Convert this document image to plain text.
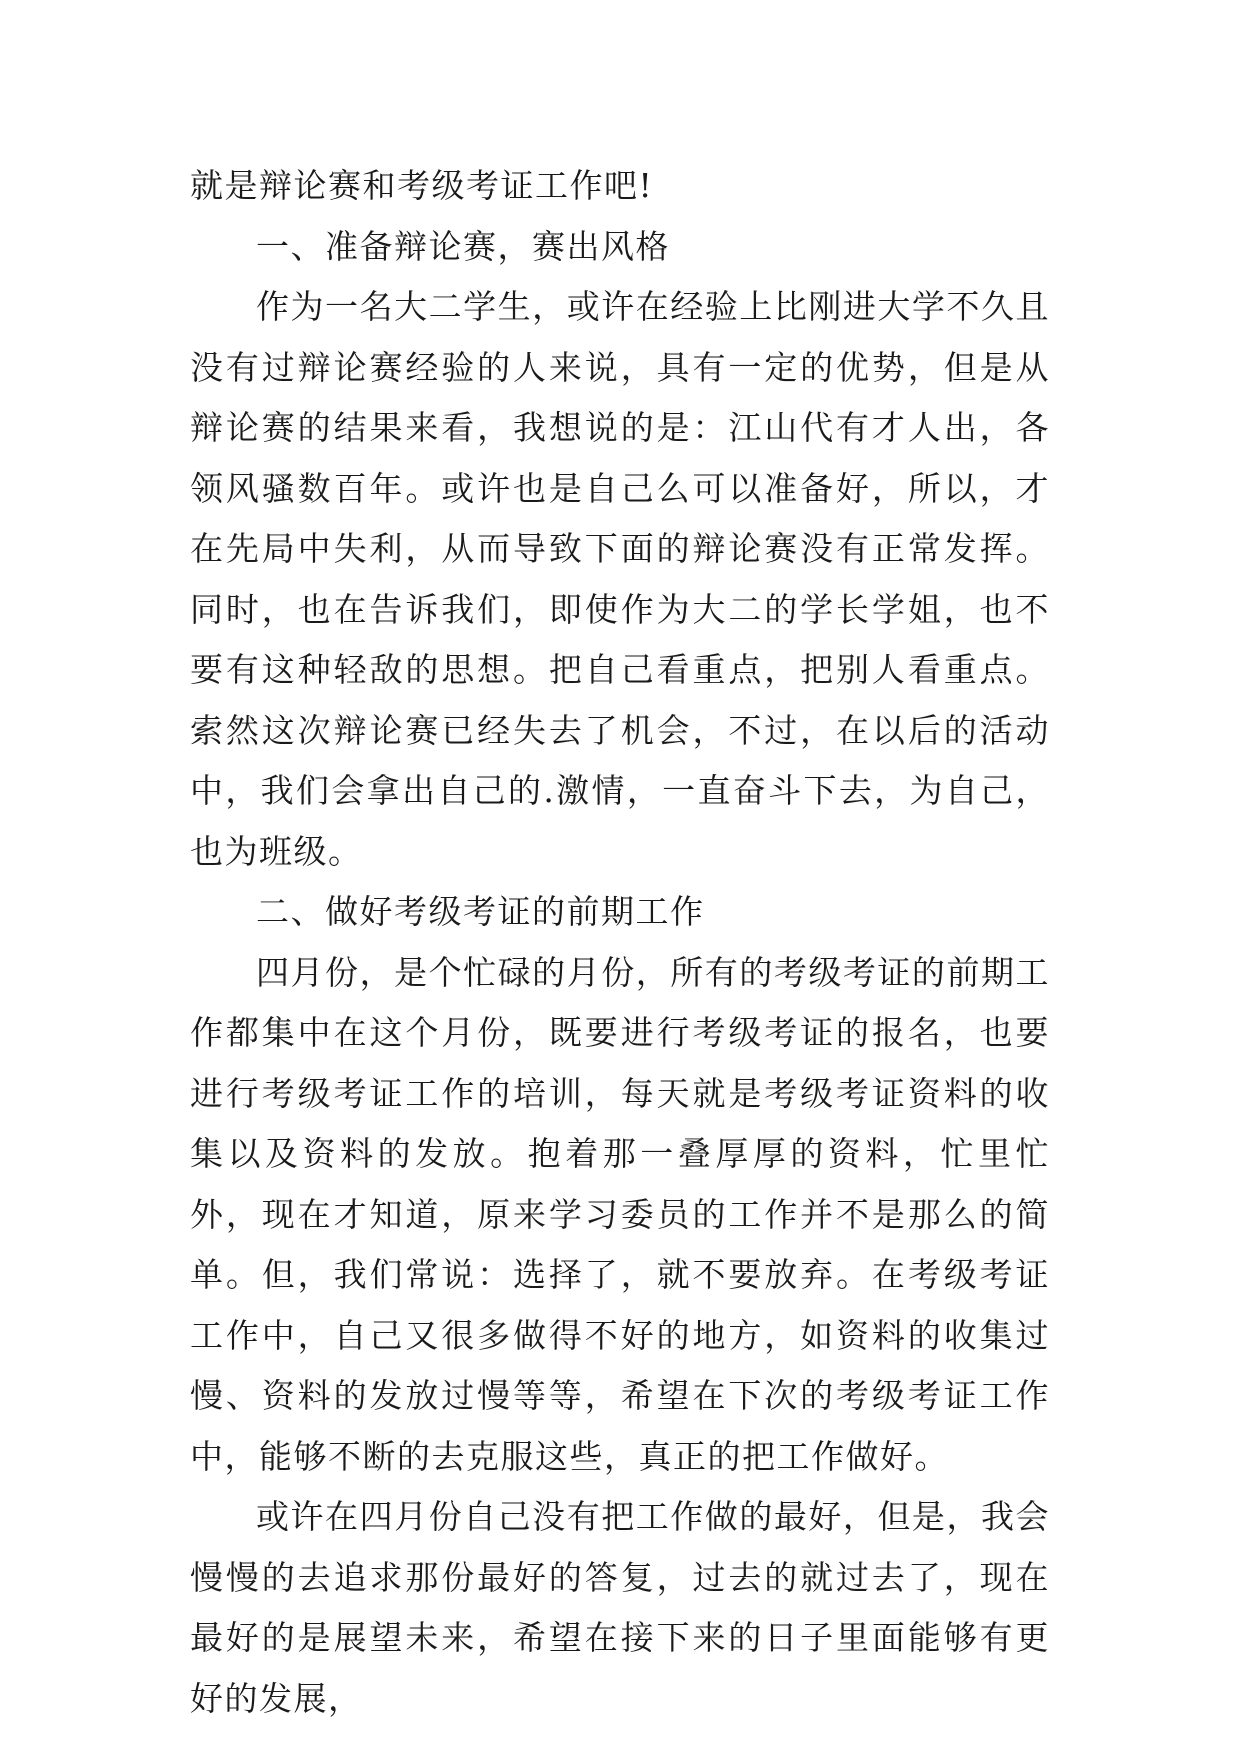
就是辩论赛和考级考证工作吧!

一、准备辩论赛，赛出风格

作为一名大二学生，或许在经验上比刚进大学不久且没有过辩论赛经验的人来说，具有一定的优势，但是从辩论赛的结果来看，我想说的是：江山代有才人出，各领风骚数百年。或许也是自己么可以准备好，所以，才在先局中失利，从而导致下面的辩论赛没有正常发挥。同时，也在告诉我们，即使作为大二的学长学姐，也不要有这种轻敌的思想。把自己看重点，把别人看重点。索然这次辩论赛已经失去了机会，不过，在以后的活动中，我们会拿出自己的.激情，一直奋斗下去，为自己，也为班级。

二、做好考级考证的前期工作

四月份，是个忙碌的月份，所有的考级考证的前期工作都集中在这个月份，既要进行考级考证的报名，也要进行考级考证工作的培训，每天就是考级考证资料的收集以及资料的发放。抱着那一叠厚厚的资料，忙里忙外，现在才知道，原来学习委员的工作并不是那么的简单。但，我们常说：选择了，就不要放弃。在考级考证工作中，自己又很多做得不好的地方，如资料的收集过慢、资料的发放过慢等等，希望在下次的考级考证工作中，能够不断的去克服这些，真正的把工作做好。

或许在四月份自己没有把工作做的最好，但是，我会慢慢的去追求那份最好的答复，过去的就过去了，现在最好的是展望未来，希望在接下来的日子里面能够有更好的发展，
